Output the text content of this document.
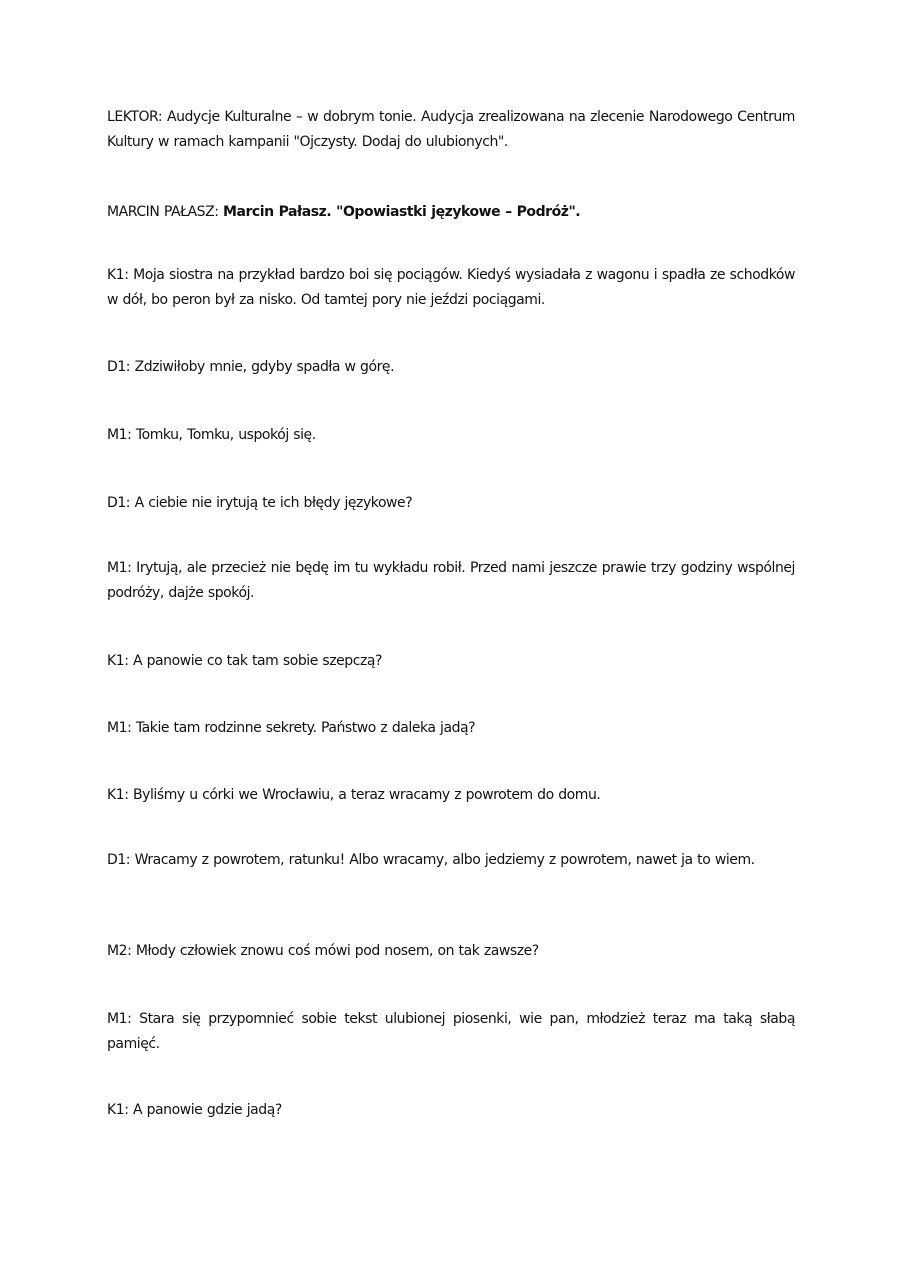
LEKTOR: Audycje Kulturalne – w dobrym tonie. Audycja zrealizowana na zlecenie Narodowego Centrum Kultury w ramach kampanii "Ojczysty. Dodaj do ulubionych".

MARCIN PAŁASZ: Marcin Pałasz. "Opowiastki językowe – Podróż".

K1: Moja siostra na przykład bardzo boi się pociągów. Kiedyś wysiadała z wagonu i spadła ze schodków w dół, bo peron był za nisko. Od tamtej pory nie jeździ pociągami.

D1: Zdziwiłoby mnie, gdyby spadła w górę.

M1: Tomku, Tomku, uspokój się.

D1: A ciebie nie irytują te ich błędy językowe?

M1: Irytują, ale przecież nie będę im tu wykładu robił. Przed nami jeszcze prawie trzy godziny wspólnej podróży, dajże spokój.

K1: A panowie co tak tam sobie szepczą?

M1: Takie tam rodzinne sekrety. Państwo z daleka jadą?

K1: Byliśmy u córki we Wrocławiu, a teraz wracamy z powrotem do domu.

D1: Wracamy z powrotem, ratunku! Albo wracamy, albo jedziemy z powrotem, nawet ja to wiem.

M2: Młody człowiek znowu coś mówi pod nosem, on tak zawsze?

M1: Stara się przypomnieć sobie tekst ulubionej piosenki, wie pan, młodzież teraz ma taką słabą pamięć.

K1: A panowie gdzie jadą?
